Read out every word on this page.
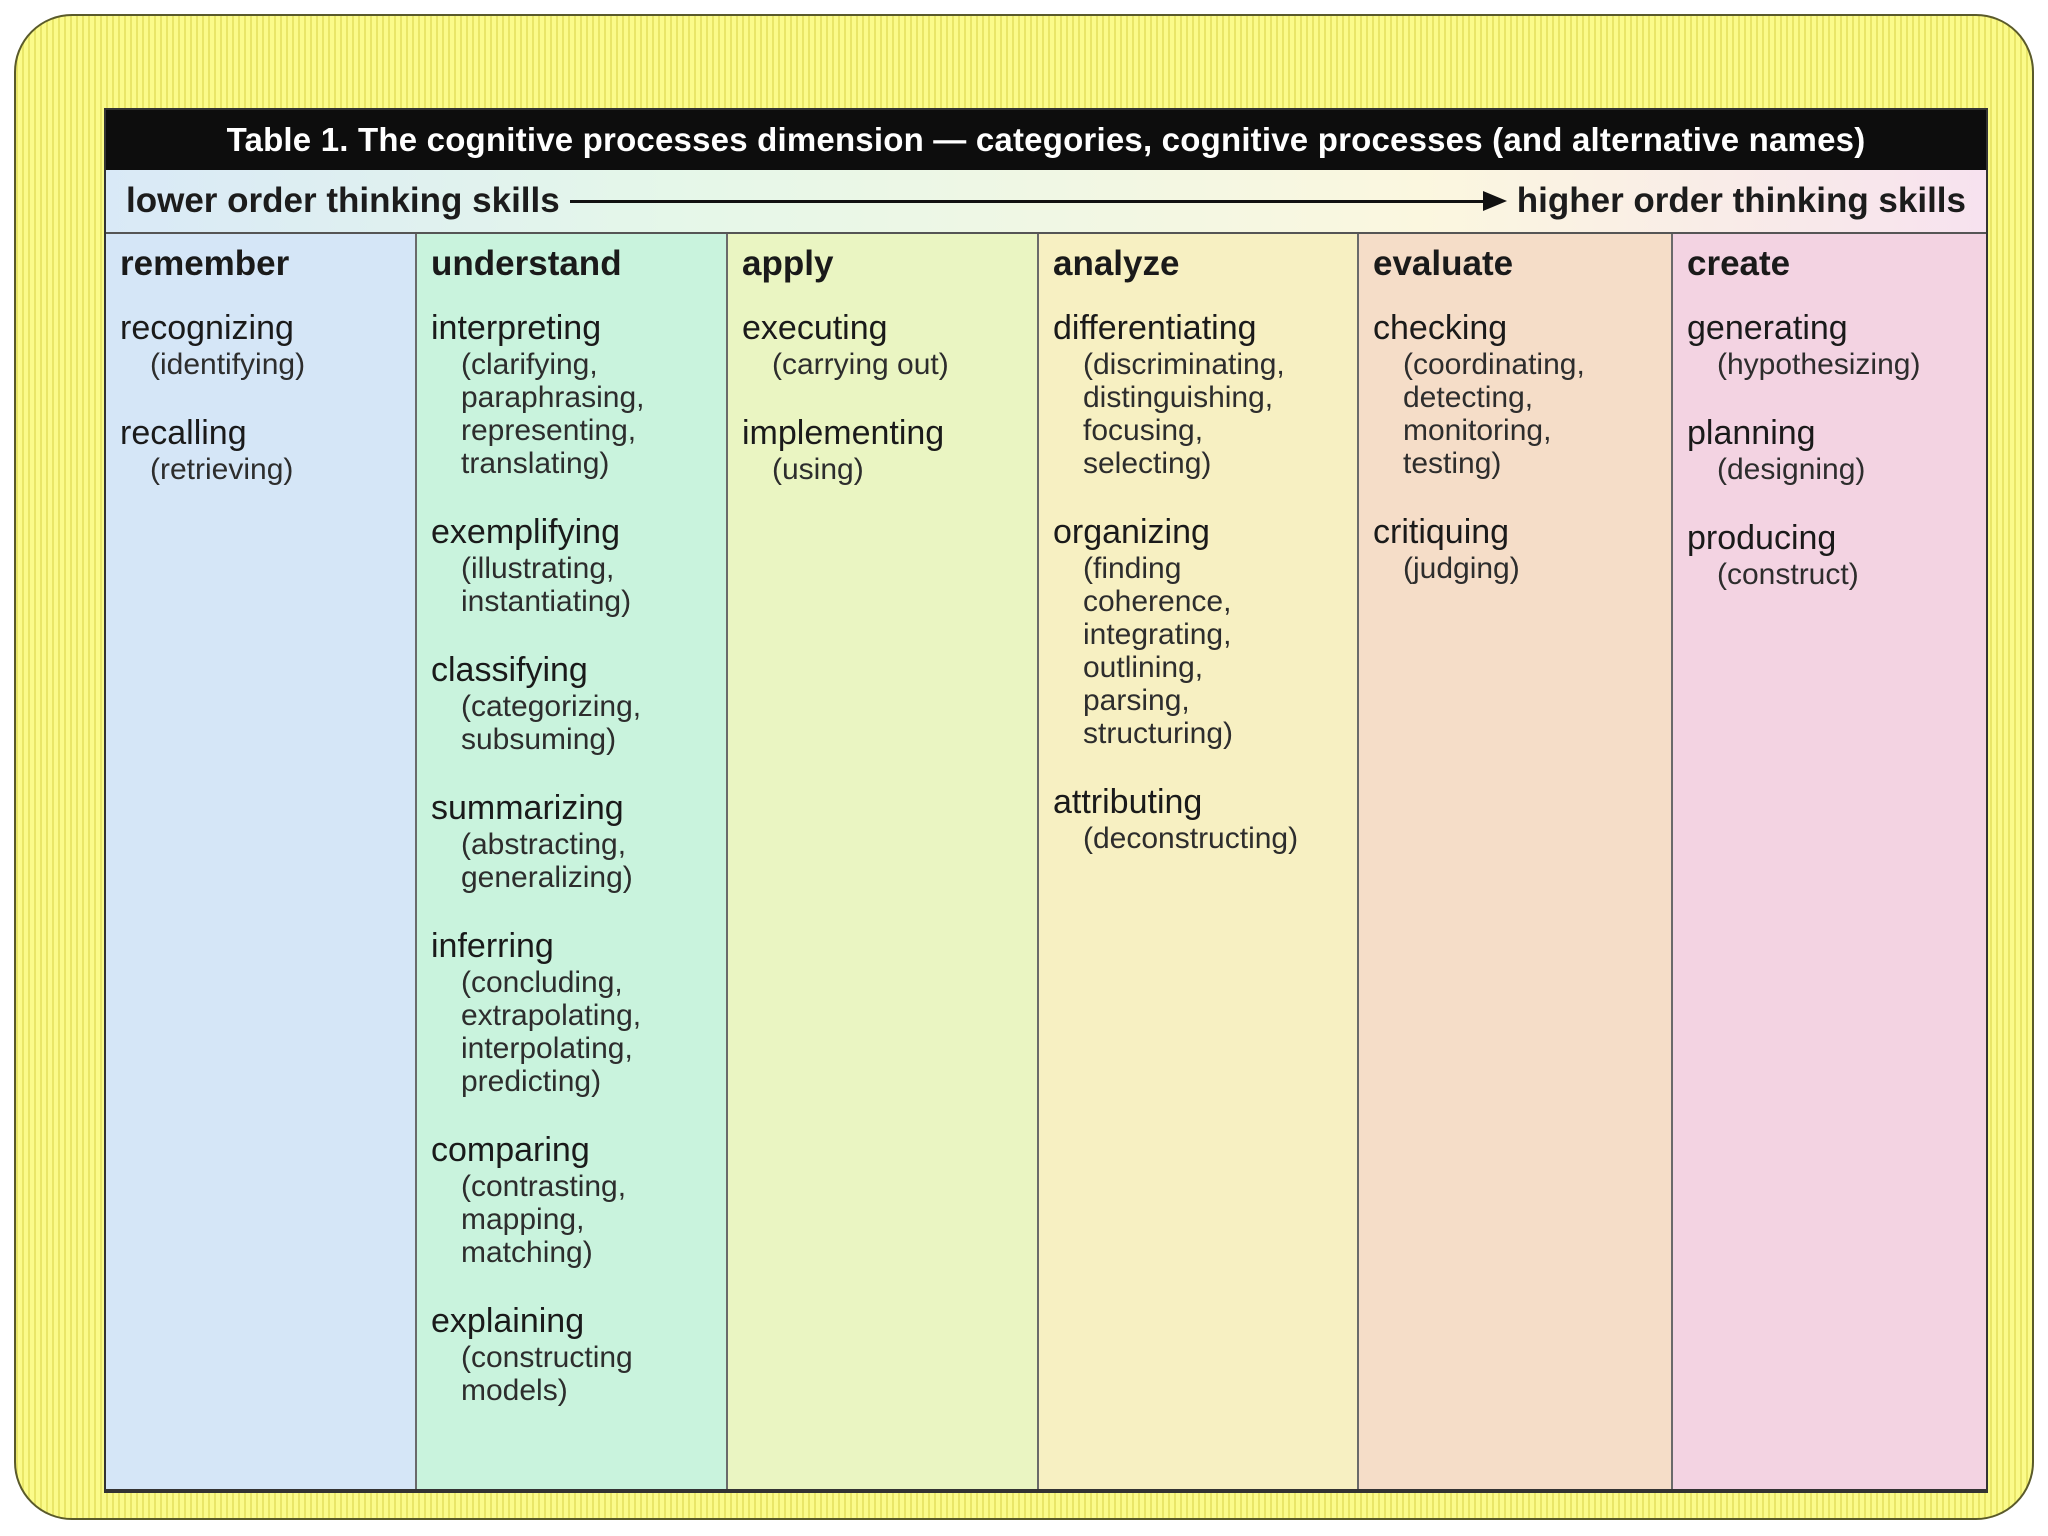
Table 1. The cognitive processes dimension — categories, cognitive processes (and alternative names)
lower order thinking skills	higher order thinking skills
remember
recognizing
(identifying)
recalling
(retrieving)
understand
interpreting
(clarifying,
paraphrasing,
representing,
translating)
exemplifying
(illustrating,
instantiating)
classifying
(categorizing,
subsuming)
summarizing
(abstracting,
generalizing)
inferring
(concluding,
extrapolating,
interpolating,
predicting)
comparing
(contrasting,
mapping,
matching)
explaining
(constructing
models)
apply
executing
(carrying out)
implementing
(using)
analyze
differentiating
(discriminating,
distinguishing,
focusing,
selecting)
organizing
(finding
coherence,
integrating,
outlining,
parsing,
structuring)
attributing
(deconstructing)
evaluate
checking
(coordinating,
detecting,
monitoring,
testing)
critiquing
(judging)
create
generating
(hypothesizing)
planning
(designing)
producing
(construct)
